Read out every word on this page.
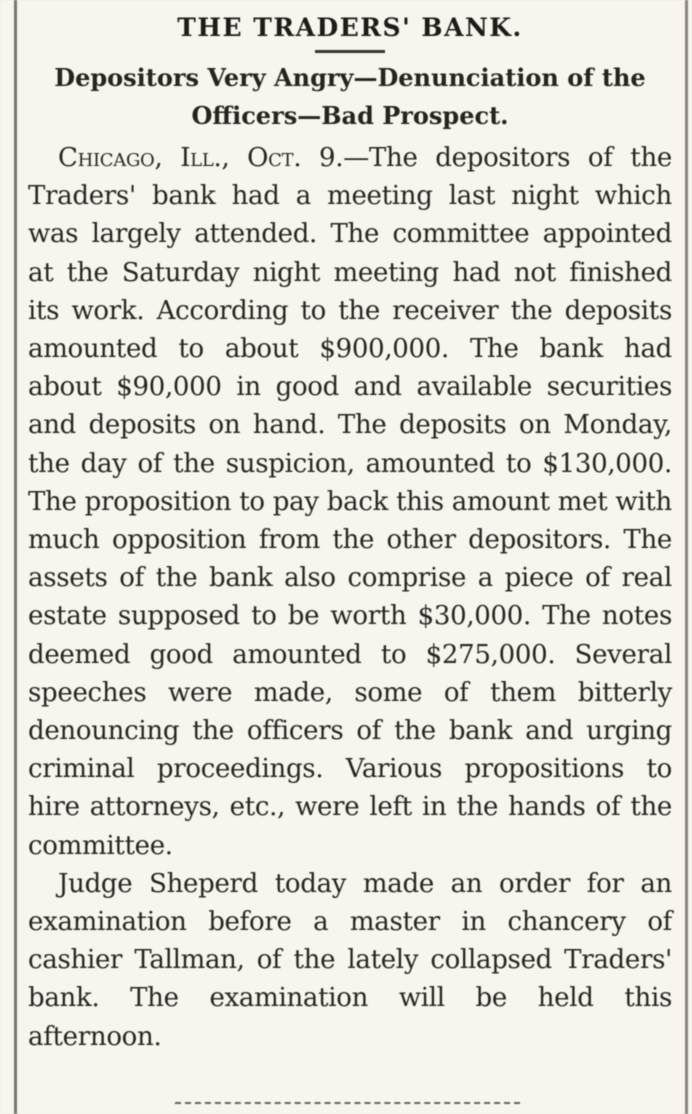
THE TRADERS' BANK.
Depositors Very Angry—Denunciation of the Officers—Bad Prospect.

Chicago, Ill., Oct. 9.—The depositors of the Traders' bank had a meeting last night which was largely attended. The committee appointed at the Saturday night meeting had not finished its work. According to the receiver the deposits amounted to about $900,000. The bank had about $90,000 in good and available securities and deposits on hand. The deposits on Monday, the day of the suspicion, amounted to $130,000. The proposition to pay back this amount met with much opposition from the other depositors. The assets of the bank also comprise a piece of real estate supposed to be worth $30,000. The notes deemed good amounted to $275,000. Several speeches were made, some of them bitterly denouncing the officers of the bank and urging criminal proceedings. Various propositions to hire attorneys, etc., were left in the hands of the committee.

Judge Sheperd today made an order for an examination before a master in chancery of cashier Tallman, of the lately collapsed Traders' bank. The examination will be held this afternoon.
